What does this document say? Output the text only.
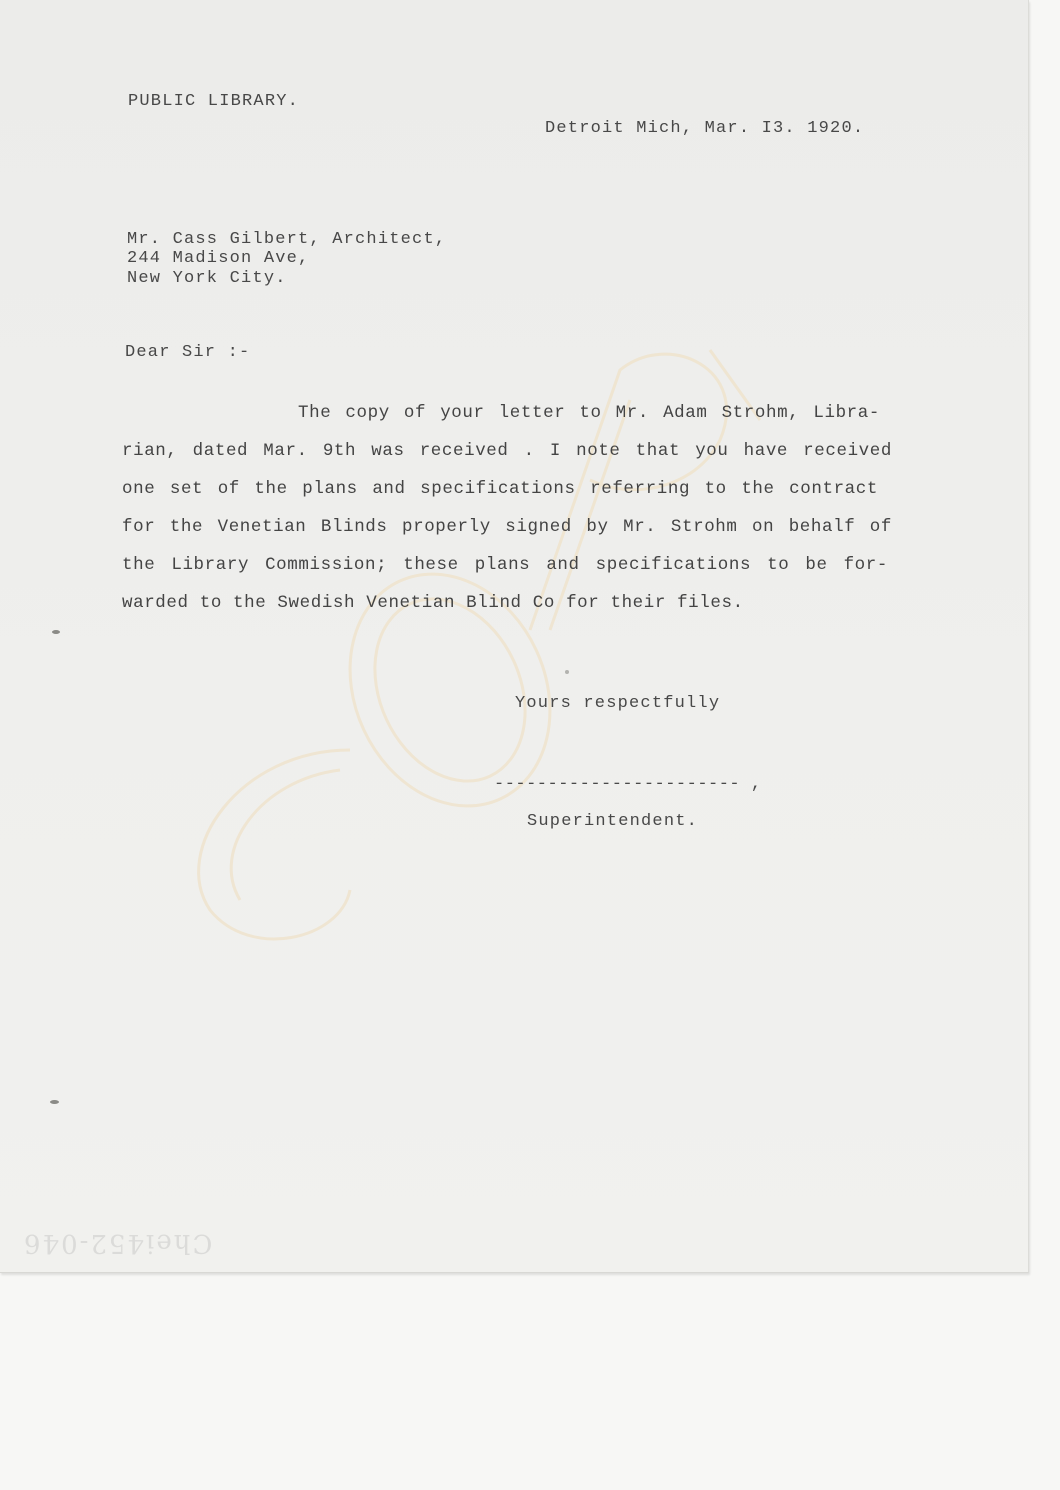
PUBLIC LIBRARY.
Detroit Mich, Mar. I3. 1920.
Mr. Cass Gilbert, Architect,
244 Madison Ave,
New York City.
Dear Sir :-
The copy of your letter to Mr. Adam Strohm, Libra-
rian, dated Mar. 9th was received . I note that you have received
one set of the plans and specifications referring to the contract
for the Venetian Blinds properly signed by Mr. Strohm on behalf of
the Library Commission; these plans and specifications to be for-
warded to the Swedish Venetian Blind Co for their files.
Yours respectfully
----------------------- ,
Superintendent.
Chei452-046
